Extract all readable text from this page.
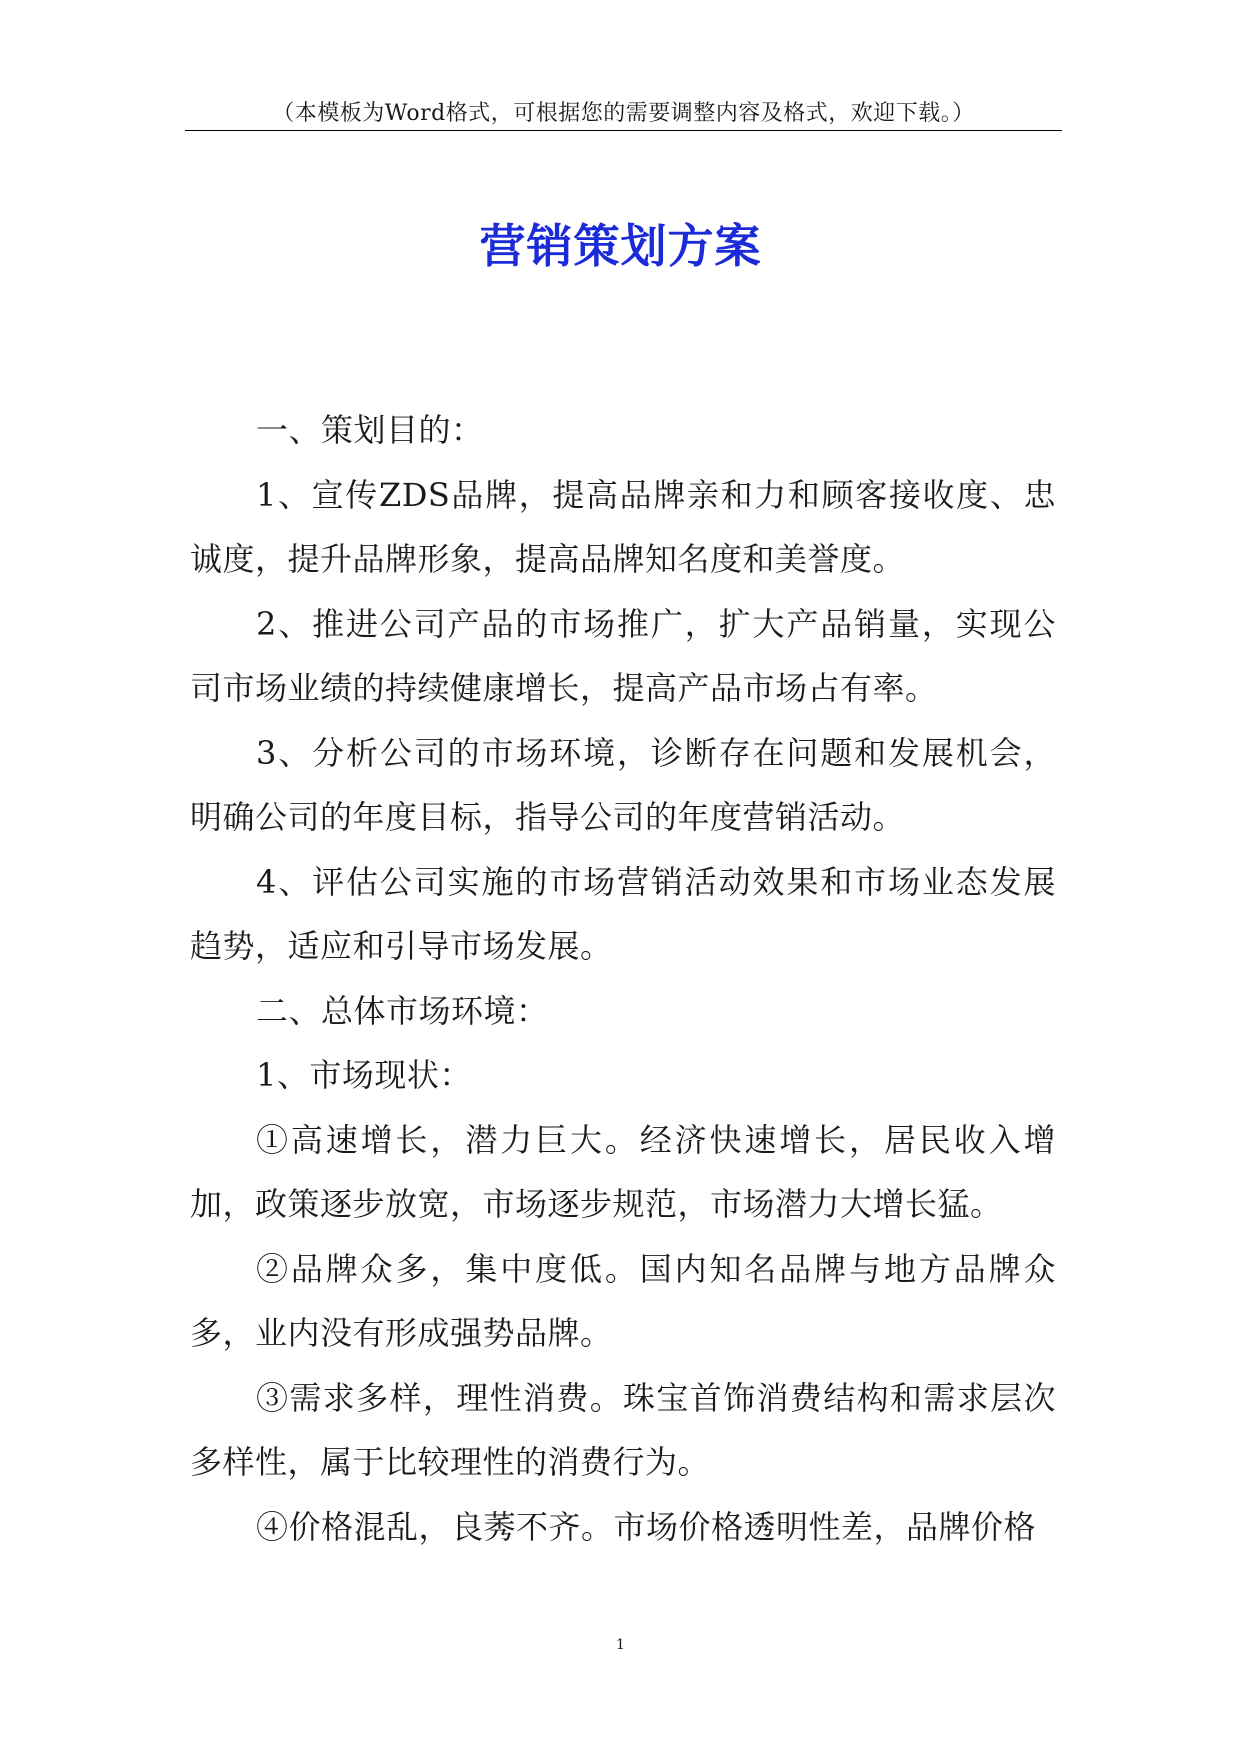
（本模板为Word格式，可根据您的需要调整内容及格式，欢迎下载。）
营销策划方案

一、策划目的：

1、宣传ZDS品牌，提高品牌亲和力和顾客接收度、忠诚度，提升品牌形象，提高品牌知名度和美誉度。

2、推进公司产品的市场推广，扩大产品销量，实现公司市场业绩的持续健康增长，提高产品市场占有率。

3、分析公司的市场环境，诊断存在问题和发展机会，明确公司的年度目标，指导公司的年度营销活动。

4、评估公司实施的市场营销活动效果和市场业态发展趋势，适应和引导市场发展。

二、总体市场环境：

1、市场现状：

①高速增长，潜力巨大。经济快速增长，居民收入增加，政策逐步放宽，市场逐步规范，市场潜力大增长猛。

②品牌众多，集中度低。国内知名品牌与地方品牌众多，业内没有形成强势品牌。

③需求多样，理性消费。珠宝首饰消费结构和需求层次多样性，属于比较理性的消费行为。

④价格混乱，良莠不齐。市场价格透明性差，品牌价格

1
